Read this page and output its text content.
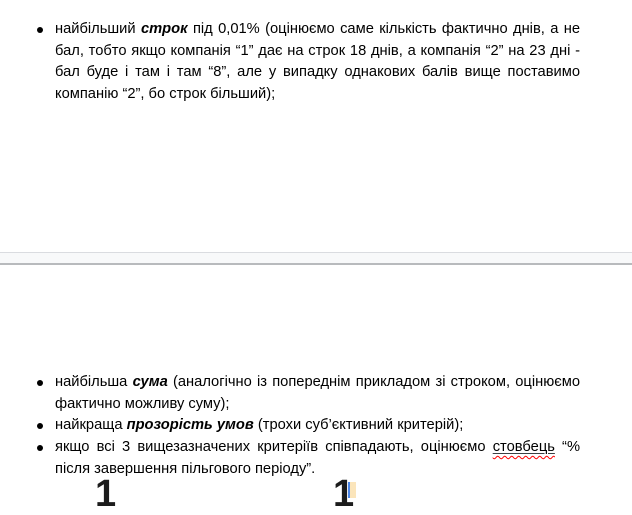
найбільший строк під 0,01% (оцінюємо саме кількість фактично днів, а не бал, тобто якщо компанія “1” дає на строк 18 днів, а компанія “2” на 23 дні - бал буде і там і там “8”, але у випадку однакових балів вище поставимо компанію “2”, бо строк більший);
найбільша сума (аналогічно із попереднім прикладом зі строком, оцінюємо фактично можливу суму);
найкраща прозорість умов (трохи суб’єктивний критерій);
якщо всі 3 вищезазначених критеріїв співпадають, оцінюємо стовбець “% після завершення пільгового періоду”.
1	1
